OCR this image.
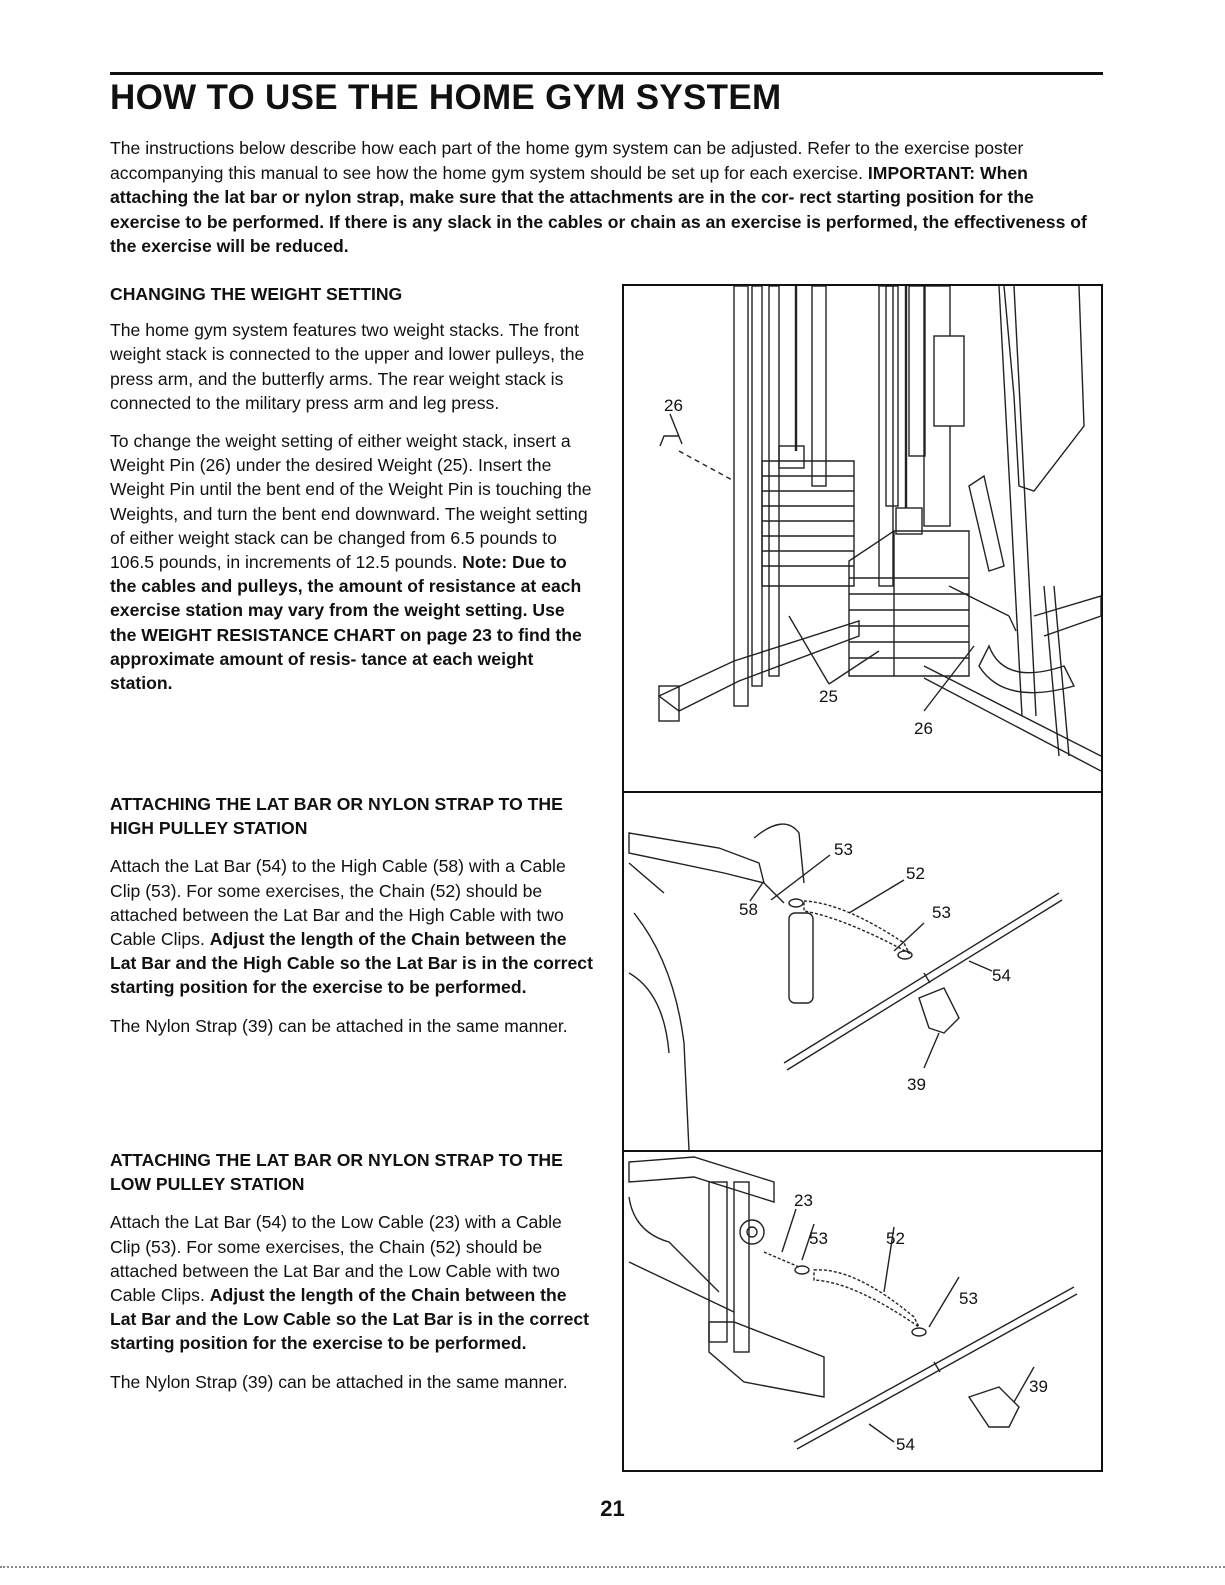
HOW TO USE THE HOME GYM SYSTEM

The instructions below describe how each part of the home gym system can be adjusted. Refer to the exercise poster accompanying this manual to see how the home gym system should be set up for each exercise. IMPORTANT: When attaching the lat bar or nylon strap, make sure that the attachments are in the cor- rect starting position for the exercise to be performed. If there is any slack in the cables or chain as an exercise is performed, the effectiveness of the exercise will be reduced.

CHANGING THE WEIGHT SETTING

The home gym system features two weight stacks. The front weight stack is connected to the upper and lower pulleys, the press arm, and the butterfly arms. The rear weight stack is connected to the military press arm and leg press.

To change the weight setting of either weight stack, insert a Weight Pin (26) under the desired Weight (25). Insert the Weight Pin until the bent end of the Weight Pin is touching the Weights, and turn the bent end downward. The weight setting of either weight stack can be changed from 6.5 pounds to 106.5 pounds, in increments of 12.5 pounds. Note: Due to the cables and pulleys, the amount of resistance at each exercise station may vary from the weight setting. Use the WEIGHT RESISTANCE CHART on page 23 to find the approximate amount of resis- tance at each weight station.

ATTACHING THE LAT BAR OR NYLON STRAP TO THE HIGH PULLEY STATION

Attach the Lat Bar (54) to the High Cable (58) with a Cable Clip (53). For some exercises, the Chain (52) should be attached between the Lat Bar and the High Cable with two Cable Clips. Adjust the length of the Chain between the Lat Bar and the High Cable so the Lat Bar is in the correct starting position for the exercise to be performed.

The Nylon Strap (39) can be attached in the same manner.

ATTACHING THE LAT BAR OR NYLON STRAP TO THE LOW PULLEY STATION

Attach the Lat Bar (54) to the Low Cable (23) with a Cable Clip (53). For some exercises, the Chain (52) should be attached between the Lat Bar and the Low Cable with two Cable Clips. Adjust the length of the Chain between the Lat Bar and the Low Cable so the Lat Bar is in the correct starting position for the exercise to be performed.

The Nylon Strap (39) can be attached in the same manner.

26
25
26
53
52
58	53
54
39
23
53	52
53
39
54
21
